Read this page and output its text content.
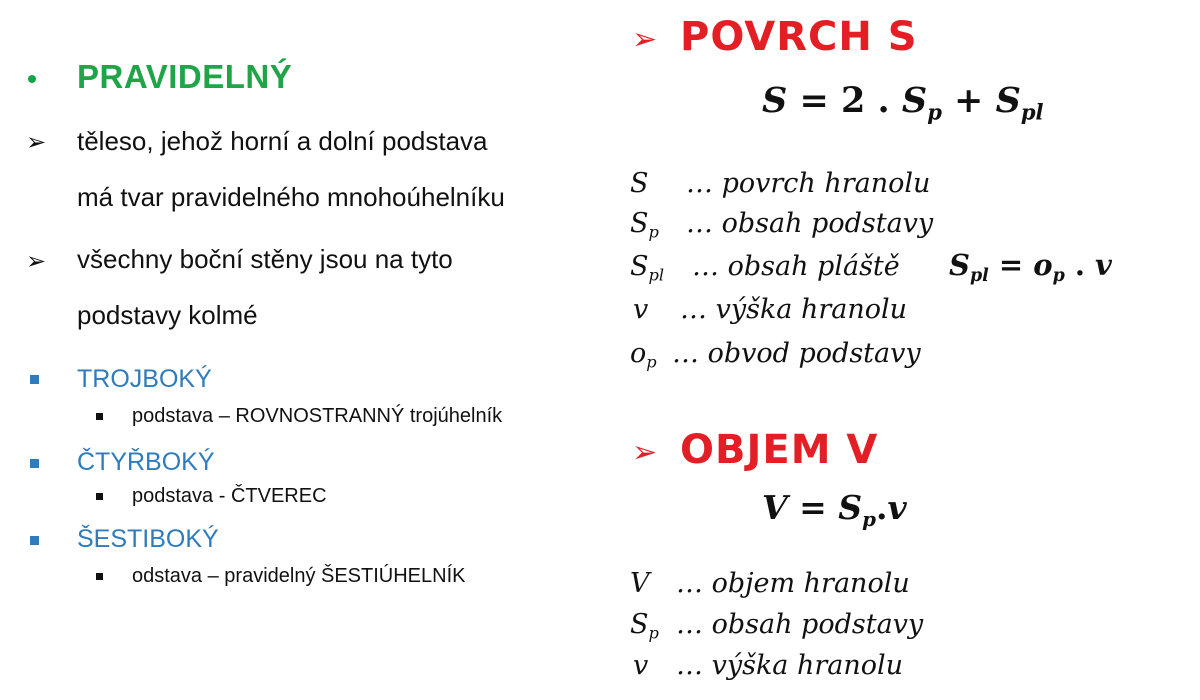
PRAVIDELNÝ
➢ těleso, jehož horní a dolní podstava
má tvar pravidelného mnohoúhelníku
➢ všechny boční stěny jsou na tyto
podstavy kolmé
TROJBOKÝ
podstava – ROVNOSTRANNÝ trojúhelník
ČTYŘBOKÝ
podstava - ČTVEREC
ŠESTIBOKÝ
odstava – pravidelný ŠESTIÚHELNÍK
➢ POVRCH S
S = 2 . $S_p + S_{pl}$
S … povrch hranolu
$S_p$ … obsah podstavy
$S_{pl}$ … obsah pláště $S_{pl} = o_p$ . v
v … výška hranolu
$o_p$ … obvod podstavy
➢ OBJEM V
$V = S_p.v$
V … objem hranolu
$S_p$ … obsah podstavy
v … výška hranolu
